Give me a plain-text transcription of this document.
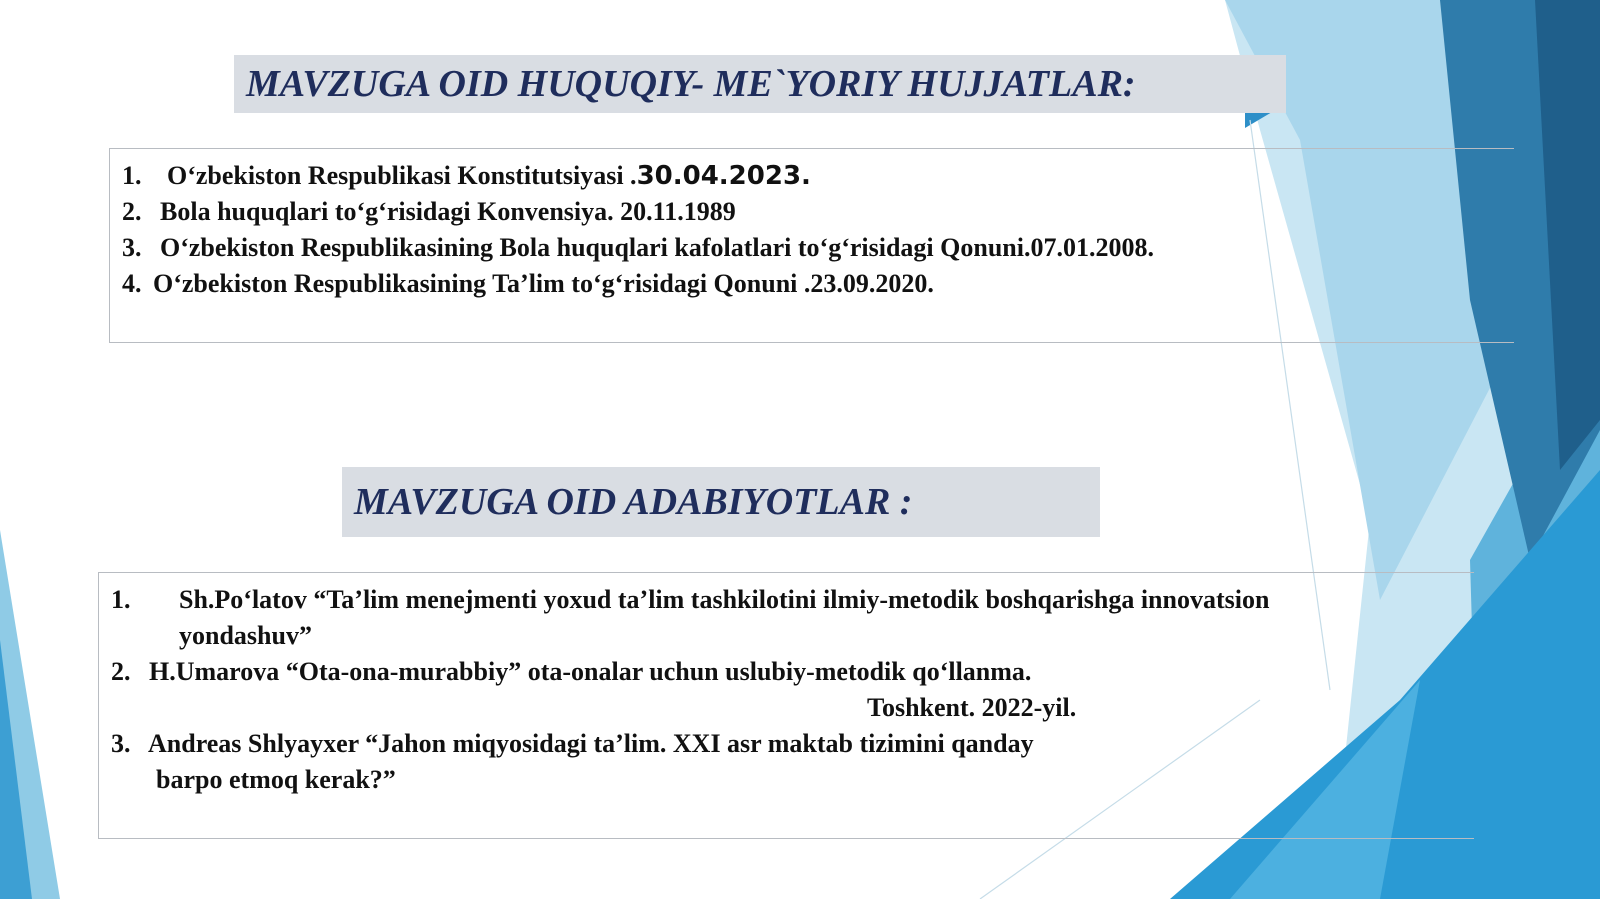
MAVZUGA OID HUQUQIY- ME`YORIY HUJJATLAR:
1. O‘zbekiston Respublikasi Konstitutsiyasi . 30.04.2023.
2. Bola huquqlari to‘g‘risidagi Konvensiya. 20.11.1989
3. O‘zbekiston Respublikasining Bola huquqlari kafolatlari to‘g‘risidagi Qonuni.07.01.2008.
4. O‘zbekiston Respublikasining Ta’lim to‘g‘risidagi Qonuni .23.09.2020.
MAVZUGA OID ADABIYOTLAR :
1.	Sh.Po‘latov “Ta’lim menejmenti yoxud ta’lim tashkilotini ilmiy-metodik boshqarishga innovatsion
yondashuv”
2. H.Umarova “Ota-ona-murabbiy” ota-onalar uchun uslubiy-metodik qo‘llanma.
Toshkent. 2022-yil.
3. Andreas Shlyayxer “Jahon miqyosidagi ta’lim. XXI asr maktab tizimini qanday
barpo etmoq kerak?”
